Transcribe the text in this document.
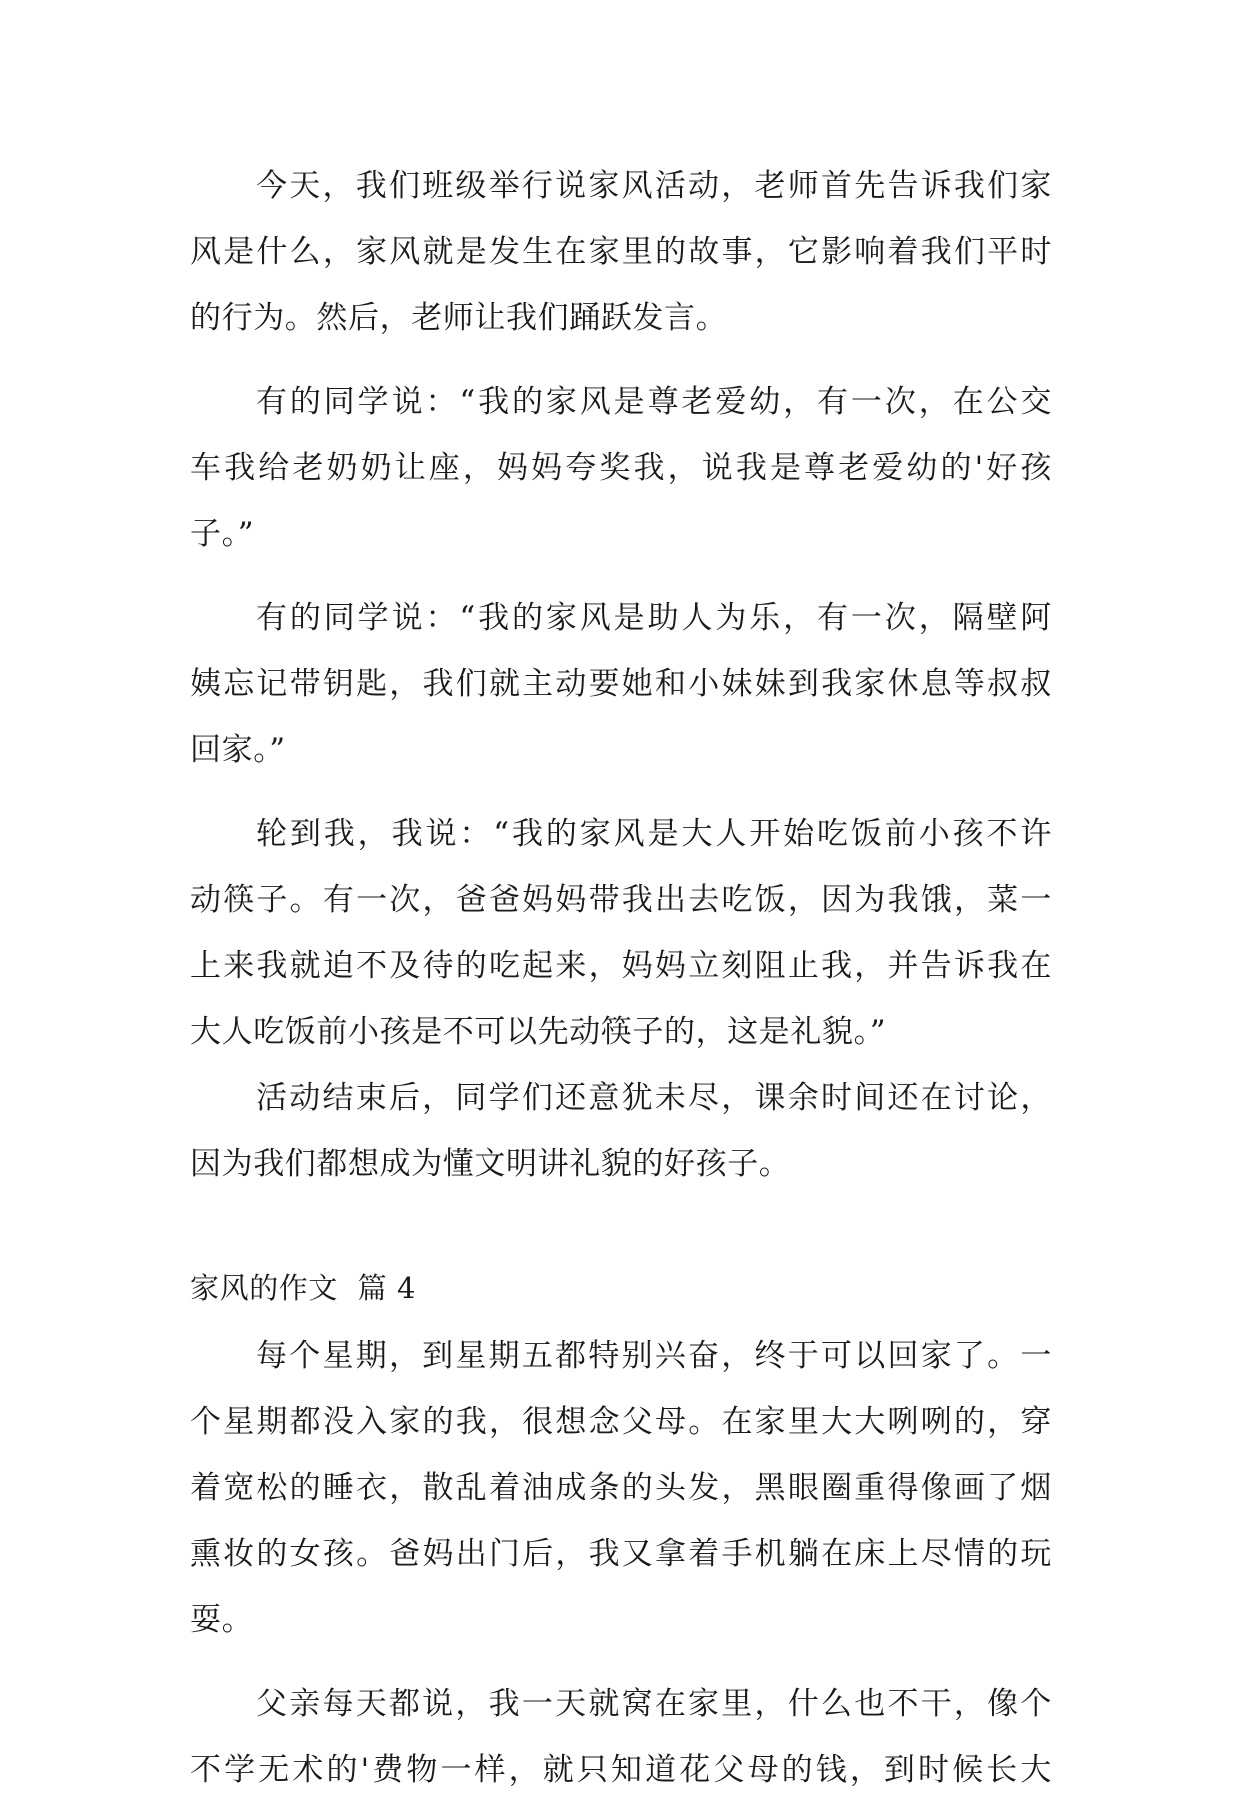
今天，我们班级举行说家风活动，老师首先告诉我们家
风是什么，家风就是发生在家里的故事，它影响着我们平时
的行为。然后，老师让我们踊跃发言。
有的同学说：“我的家风是尊老爱幼，有一次，在公交
车我给老奶奶让座，妈妈夸奖我，说我是尊老爱幼的'好孩
子。”
有的同学说：“我的家风是助人为乐，有一次，隔壁阿
姨忘记带钥匙，我们就主动要她和小妹妹到我家休息等叔叔
回家。”
轮到我，我说：“我的家风是大人开始吃饭前小孩不许
动筷子。有一次，爸爸妈妈带我出去吃饭，因为我饿，菜一
上来我就迫不及待的吃起来，妈妈立刻阻止我，并告诉我在
大人吃饭前小孩是不可以先动筷子的，这是礼貌。”
活动结束后，同学们还意犹未尽，课余时间还在讨论，
因为我们都想成为懂文明讲礼貌的好孩子。
家风的作文  篇 4
每个星期，到星期五都特别兴奋，终于可以回家了。一
个星期都没入家的我，很想念父母。在家里大大咧咧的，穿
着宽松的睡衣，散乱着油成条的头发，黑眼圈重得像画了烟
熏妆的女孩。爸妈出门后，我又拿着手机躺在床上尽情的玩
耍。
父亲每天都说，我一天就窝在家里，什么也不干，像个
不学无术的'费物一样，就只知道花父母的钱，到时候长大
